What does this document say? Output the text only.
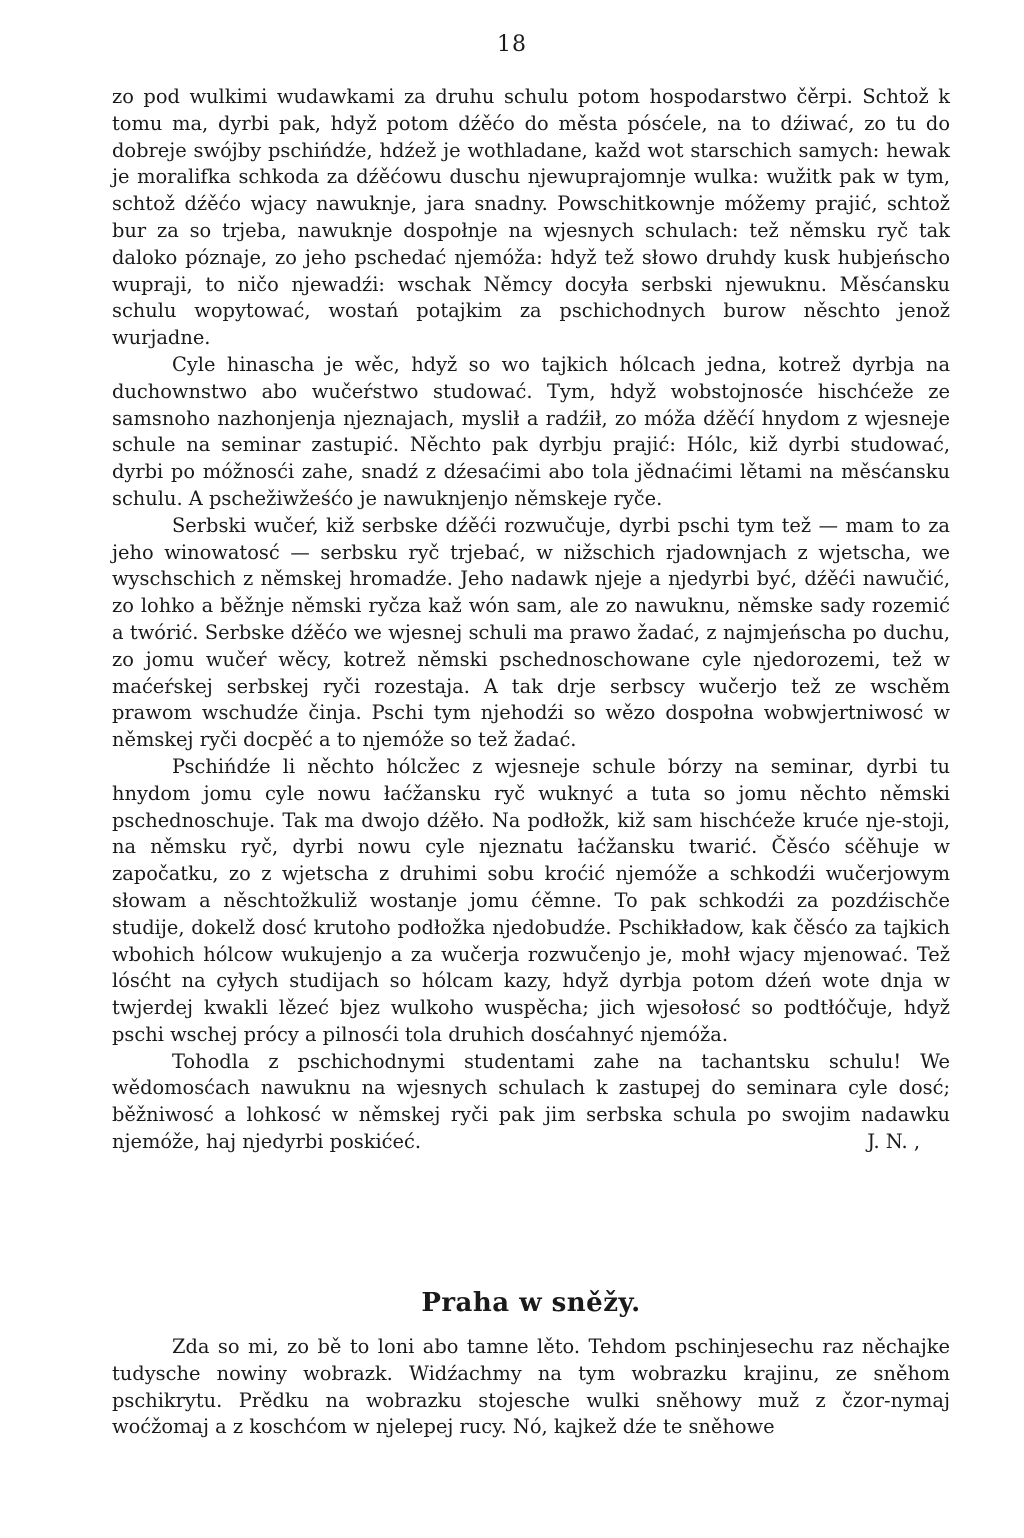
18

zo pod wulkimi wudawkami za druhu schulu potom hospodarstwo čěrpi. Schtož k tomu ma, dyrbi pak, hdyž potom dźěćo do města pósćele, na to dźiwać, zo tu do dobreje swójby pschińdźe, hdźež je wothladane, každ wot starschich samych: hewak je moralifka schkoda za dźěćowu duschu njewuprajomnje wulka: wužitk pak w tym, schtož dźěćo wjacy nawuknje, jara snadny. Powschitkownje móžemy prajić, schtož bur za so trjeba, nawuknje dospołnje na wjesnych schulach: tež němsku ryč tak daloko póznaje, zo jeho pschedać njemóža: hdyž tež słowo druhdy kusk hubjeńscho wupraji, to ničo njewadźi: wschak Němcy docyła serbski njewuknu. Měsćansku schulu wopytować, wostań potajkim za pschichodnych burow něschto jenož wurjadne.

Cyle hinascha je wěc, hdyž so wo tajkich hólcach jedna, kotrež dyrbja na duchownstwo abo wučeŕstwo studować. Tym, hdyž wobstojnosće hischćeže ze samsnoho nazhonjenja njeznajach, myslił a radźił, zo móža dźěćí hnydom z wjesneje schule na seminar zastupić. Něchto pak dyrbju prajić: Hólc, kiž dyrbi studować, dyrbi po móžnosći zahe, snadź z dźesaćimi abo tola jědnaćimi lětami na měsćansku schulu. A pschežiwžeśćo je nawuknjenjo němskeje ryče.

Serbski wučeŕ, kiž serbske dźěći rozwučuje, dyrbi pschi tym tež — mam to za jeho winowatosć — serbsku ryč trjebać, w nižschich rjadownjach z wjetscha, we wyschschich z němskej hromadźe. Jeho nadawk njeje a njedyrbi być, dźěći nawučić, zo lohko a běžnje němski ryčza kaž wón sam, ale zo nawuknu, němske sady rozemić a twórić. Serbske dźěćo we wjesnej schuli ma prawo žadać, z najmjeńscha po duchu, zo jomu wučeŕ wěcy, kotrež němski pschednoschowane cyle njedorozemi, tež w maćeŕskej serbskej ryči rozestaja. A tak drje serbscy wučerjo tež ze wschěm prawom wschudźe činja. Pschi tym njehodźi so wězo dospołna wobwjertniwosć w němskej ryči docpěć a to njemóže so tež žadać.

Pschińdźe li něchto hólcžec z wjesneje schule bórzy na seminar, dyrbi tu hnydom jomu cyle nowu łaćžansku ryč wuknyć a tuta so jomu něchto němski pschednoschuje. Tak ma dwojo dźěło. Na podłožk, kiž sam hischćeže kruće nje-stoji, na němsku ryč, dyrbi nowu cyle njeznatu łaćžansku twarić. Čěsćo sćěhuje w započatku, zo z wjetscha z druhimi sobu kroćić njemóže a schkodźi wučerjowym słowam a něschtožkuliž wostanje jomu ćěmne. To pak schkodźi za pozdźischče studije, dokelž dosć krutoho podłožka njedobudźe. Pschikładow, kak čěsćo za tajkich wbohich hólcow wukujenjo a za wučerja rozwučenjo je, mohł wjacy mjenować. Tež lósćht na cyłych studijach so hólcam kazy, hdyž dyrbja potom dźeń wote dnja w twjerdej kwakli lězeć bjez wulkoho wuspěcha; jich wjesołosć so podtłóčuje, hdyž pschi wschej prócy a pilnosći tola druhich dosćahnyć njemóža.

Tohodla z pschichodnymi studentami zahe na tachantsku schulu! We wědomosćach nawuknu na wjesnych schulach k zastupej do seminara cyle dosć; běžniwosć a lohkosć w němskej ryči pak jim serbska schula po swojim nadawku njemóže, haj njedyrbi poskićeć.	J. N. ,
Praha w sněžy.

Zda so mi, zo bě to loni abo tamne lěto. Tehdom pschinjesechu raz něchajke tudysche nowiny wobrazk. Widźachmy na tym wobrazku krajinu, ze sněhom pschikrytu. Prědku na wobrazku stojesche wulki sněhowy muž z čzor-nymaj woćžomaj a z koschćom w njelepej rucy. Nó, kajkež dźe te sněhowe
